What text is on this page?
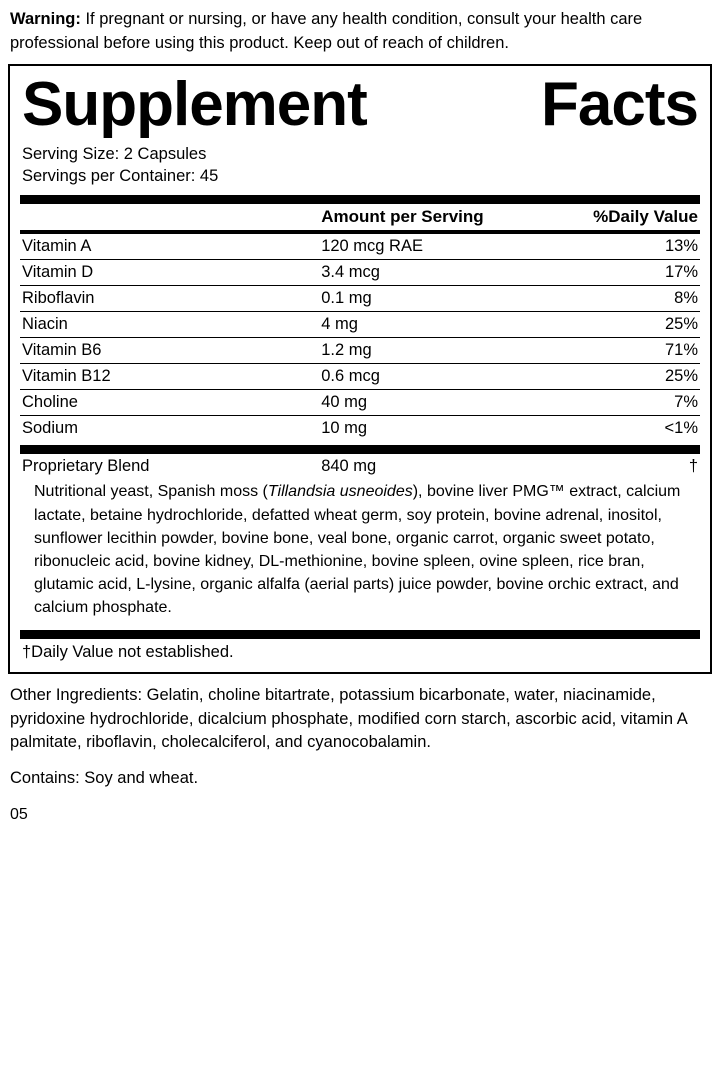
Warning: If pregnant or nursing, or have any health condition, consult your health care professional before using this product. Keep out of reach of children.
Supplement	Facts
Serving Size: 2 Capsules
Servings per Container: 45
	Amount per Serving	%Daily Value
Vitamin A	120 mcg RAE	13%
Vitamin D	3.4 mcg	17%
Riboflavin	0.1 mg	8%
Niacin	4 mg	25%
Vitamin B6	1.2 mg	71%
Vitamin B12	0.6 mcg	25%
Choline	40 mg	7%
Sodium	10 mg	<1%
Proprietary Blend	840 mg	†
Nutritional yeast, Spanish moss (Tillandsia usneoides), bovine liver PMG™ extract, calcium lactate, betaine hydrochloride, defatted wheat germ, soy protein, bovine adrenal, inositol, sunflower lecithin powder, bovine bone, veal bone, organic carrot, organic sweet potato, ribonucleic acid, bovine kidney, DL-methionine, bovine spleen, ovine spleen, rice bran, glutamic acid, L-lysine, organic alfalfa (aerial parts) juice powder, bovine orchic extract, and calcium phosphate.
†Daily Value not established.
Other Ingredients: Gelatin, choline bitartrate, potassium bicarbonate, water, niacinamide, pyridoxine hydrochloride, dicalcium phosphate, modified corn starch, ascorbic acid, vitamin A palmitate, riboflavin, cholecalciferol, and cyanocobalamin.
Contains: Soy and wheat.
05
